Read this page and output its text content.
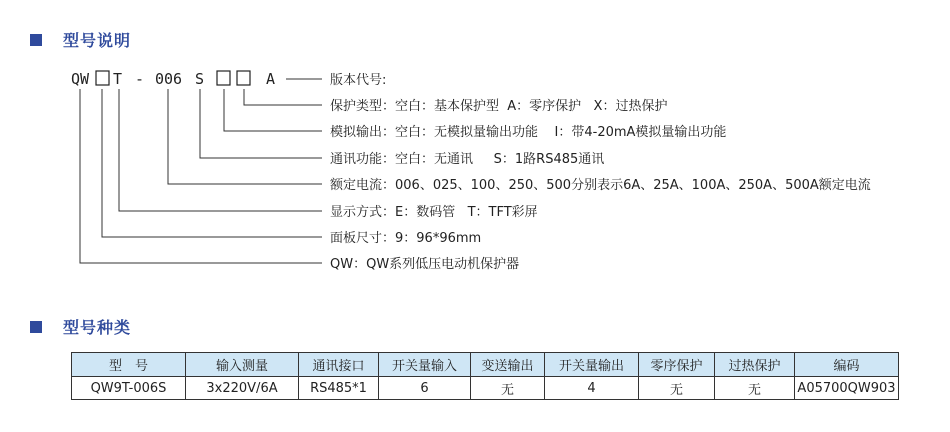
型号说明
QW T - 006 S	A	版本代号:
保护类型：空白：基本保护型  A：零序保护   X：过热保护
模拟输出：空白：无模拟量输出功能    I：带4-20mA模拟量输出功能
通讯功能：空白：无通讯     S：1路RS485通讯
额定电流：006、025、100、250、500分别表示6A、25A、100A、250A、500A额定电流
显示方式：E：数码管   T：TFT彩屏
面板尺寸：9：96*96mm
QW：QW系列低压电动机保护器
型号种类
型　号	输入测量	通讯接口	开关量输入	变送输出	开关量输出	零序保护	过热保护	编码
QW9T-006S	3x220V/6A	RS485*1	6	无	4	无	无	A05700QW903
